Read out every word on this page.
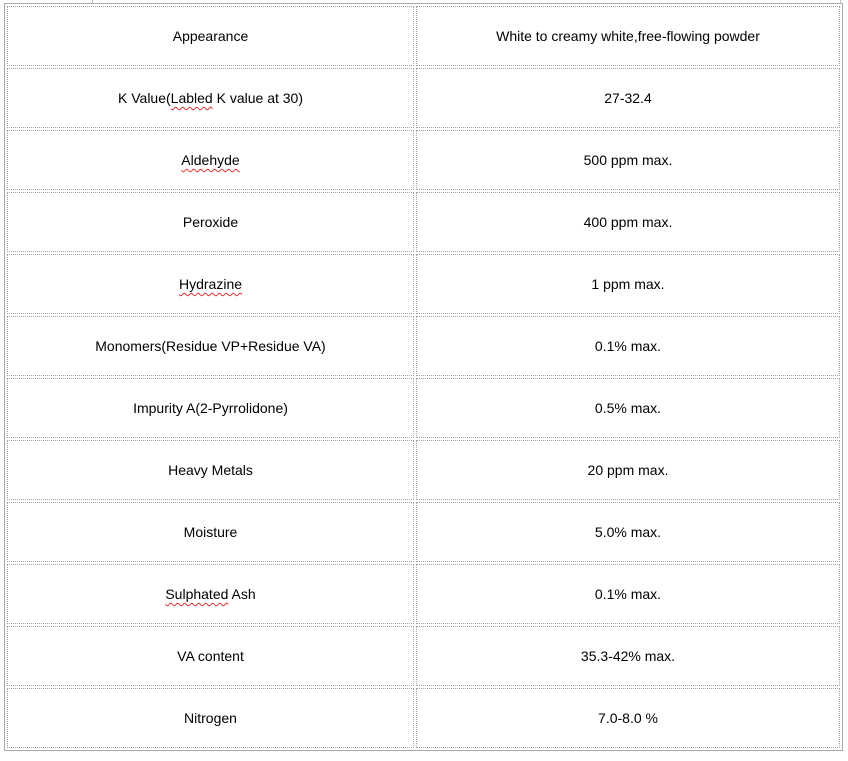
Appearance	White to creamy white,free-flowing powder
K Value(Labled K value at 30)	27-32.4
Aldehyde	500 ppm max.
Peroxide	400 ppm max.
Hydrazine	1 ppm max.
Monomers(Residue VP+Residue VA)	0.1% max.
Impurity A(2-Pyrrolidone)	0.5% max.
Heavy Metals	20 ppm max.
Moisture	5.0% max.
Sulphated Ash	0.1% max.
VA content	35.3-42% max.
Nitrogen	7.0-8.0 %
